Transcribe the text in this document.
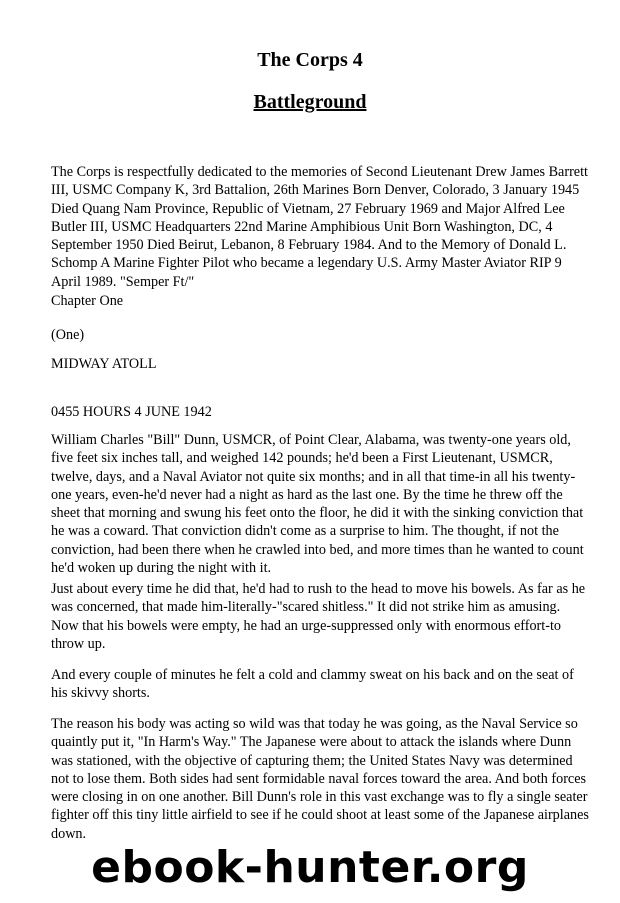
The Corps 4
Battleground

The Corps is respectfully dedicated to the memories of Second Lieutenant Drew James Barrett III, USMC Company K, 3rd Battalion, 26th Marines Born Denver, Colorado, 3 January 1945 Died Quang Nam Province, Republic of Vietnam, 27 February 1969 and Major Alfred Lee Butler III, USMC Headquarters 22nd Marine Amphibious Unit Born Washington, DC, 4 September 1950 Died Beirut, Lebanon, 8 February 1984. And to the Memory of Donald L. Schomp A Marine Fighter Pilot who became a legendary U.S. Army Master Aviator RIP 9 April 1989. "Semper Ft/"

Chapter One

(One)

MIDWAY ATOLL

0455 HOURS 4 JUNE 1942

William Charles "Bill" Dunn, USMCR, of Point Clear, Alabama, was twenty-one years old, five feet six inches tall, and weighed 142 pounds; he'd been a First Lieutenant, USMCR, twelve, days, and a Naval Aviator not quite six months; and in all that time-in all his twenty-one years, even-he'd never had a night as hard as the last one. By the time he threw off the sheet that morning and swung his feet onto the floor, he did it with the sinking conviction that he was a coward. That conviction didn't come as a surprise to him. The thought, if not the conviction, had been there when he crawled into bed, and more times than he wanted to count he'd woken up during the night with it.

Just about every time he did that, he'd had to rush to the head to move his bowels. As far as he was concerned, that made him-literally-"scared shitless." It did not strike him as amusing. Now that his bowels were empty, he had an urge-suppressed only with enormous effort-to throw up.

And every couple of minutes he felt a cold and clammy sweat on his back and on the seat of his skivvy shorts.

The reason his body was acting so wild was that today he was going, as the Naval Service so quaintly put it, "In Harm's Way." The Japanese were about to attack the islands where Dunn was stationed, with the objective of capturing them; the United States Navy was determined not to lose them. Both sides had sent formidable naval forces toward the area. And both forces were closing in on one another. Bill Dunn's role in this vast exchange was to fly a single seater fighter off this tiny little airfield to see if he could shoot at least some of the Japanese airplanes down.

ebook-hunter.org
